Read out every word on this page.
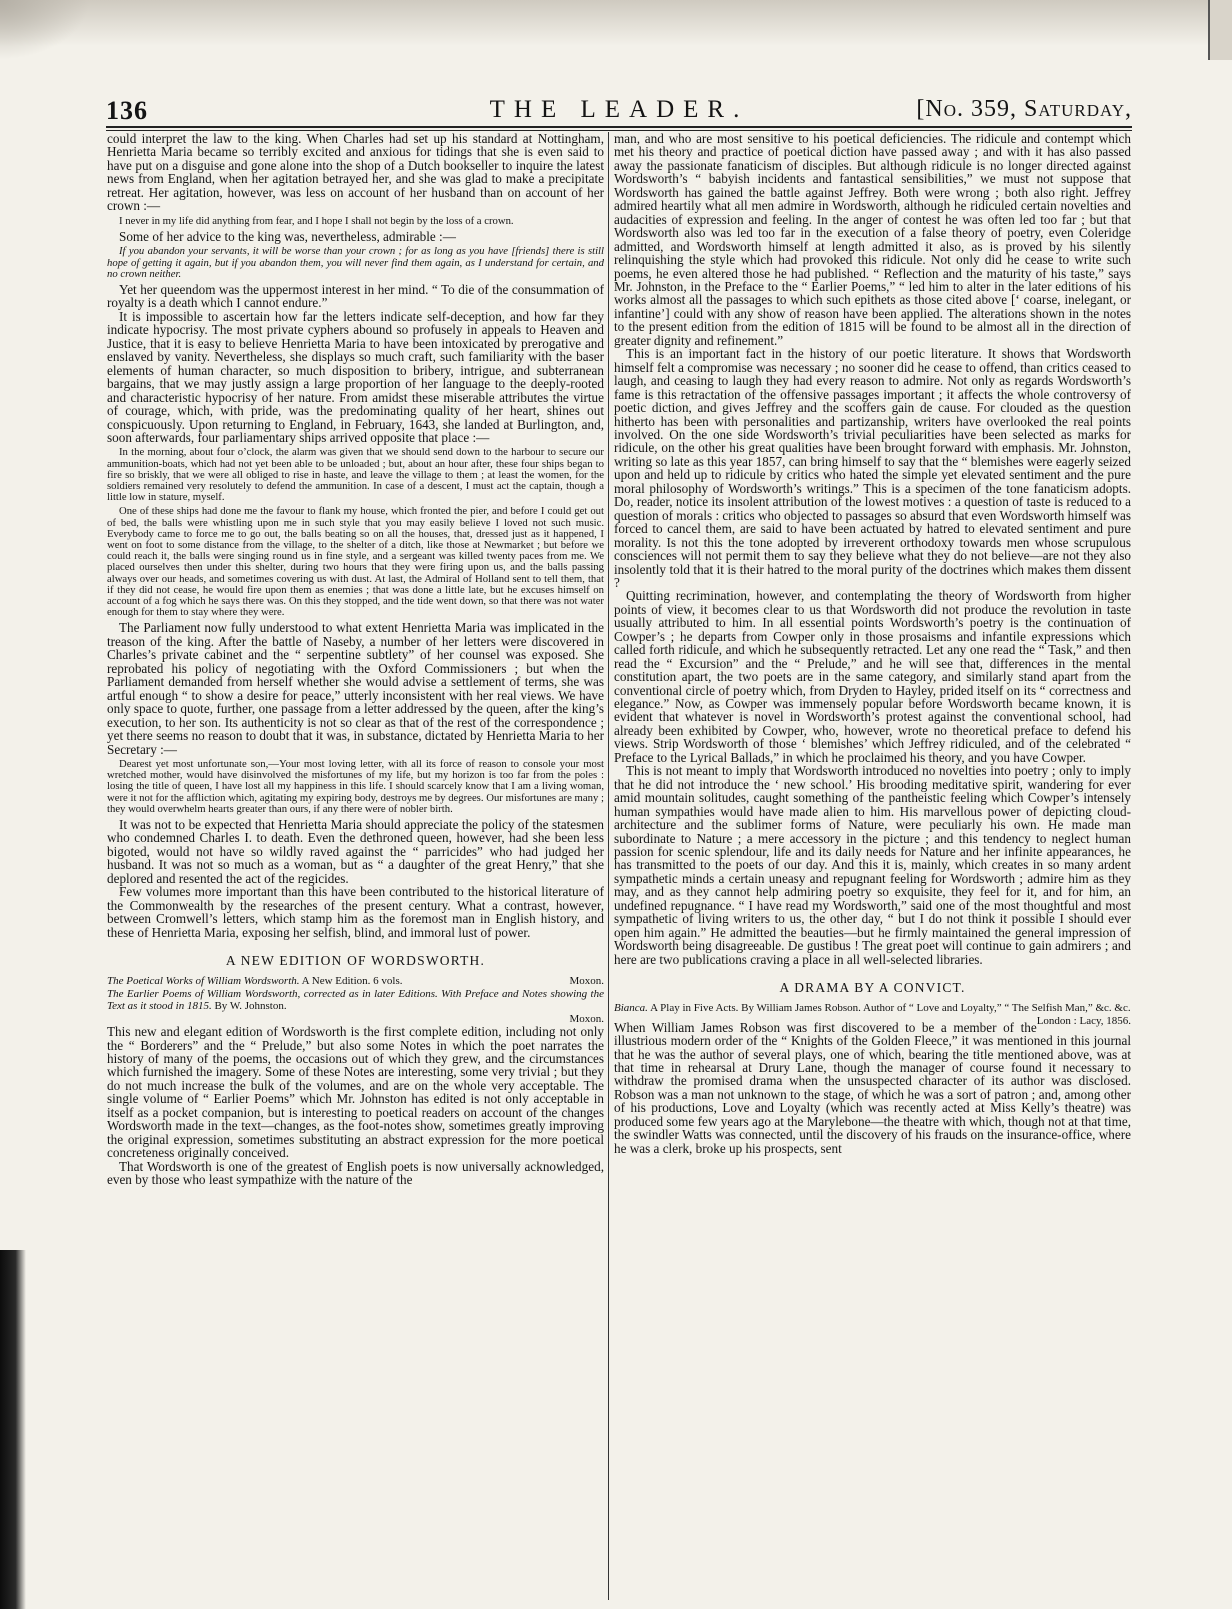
136	THE LEADER.	[No. 359, Saturday,

could interpret the law to the king. When Charles had set up his standard at Nottingham, Henrietta Maria became so terribly excited and anxious for tidings that she is even said to have put on a disguise and gone alone into the shop of a Dutch bookseller to inquire the latest news from England, when her agitation betrayed her, and she was glad to make a precipitate retreat. Her agitation, however, was less on account of her husband than on account of her crown :—

I never in my life did anything from fear, and I hope I shall not begin by the loss of a crown.

Some of her advice to the king was, nevertheless, admirable :—

If you abandon your servants, it will be worse than your crown ; for as long as you have [friends] there is still hope of getting it again, but if you abandon them, you will never find them again, as I understand for certain, and no crown neither.

Yet her queendom was the uppermost interest in her mind. “ To die of the consummation of royalty is a death which I cannot endure.”

It is impossible to ascertain how far the letters indicate self-deception, and how far they indicate hypocrisy. The most private cyphers abound so profusely in appeals to Heaven and Justice, that it is easy to believe Henrietta Maria to have been intoxicated by prerogative and enslaved by vanity. Nevertheless, she displays so much craft, such familiarity with the baser elements of human character, so much disposition to bribery, intrigue, and subterranean bargains, that we may justly assign a large proportion of her language to the deeply-rooted and characteristic hypocrisy of her nature. From amidst these miserable attributes the virtue of courage, which, with pride, was the predominating quality of her heart, shines out conspicuously. Upon returning to England, in February, 1643, she landed at Burlington, and, soon afterwards, four parliamentary ships arrived opposite that place :—

In the morning, about four o’clock, the alarm was given that we should send down to the harbour to secure our ammunition-boats, which had not yet been able to be unloaded ; but, about an hour after, these four ships began to fire so briskly, that we were all obliged to rise in haste, and leave the village to them ; at least the women, for the soldiers remained very resolutely to defend the ammunition. In case of a descent, I must act the captain, though a little low in stature, myself.

One of these ships had done me the favour to flank my house, which fronted the pier, and before I could get out of bed, the balls were whistling upon me in such style that you may easily believe I loved not such music. Everybody came to force me to go out, the balls beating so on all the houses, that, dressed just as it happened, I went on foot to some distance from the village, to the shelter of a ditch, like those at Newmarket ; but before we could reach it, the balls were singing round us in fine style, and a sergeant was killed twenty paces from me. We placed ourselves then under this shelter, during two hours that they were firing upon us, and the balls passing always over our heads, and sometimes covering us with dust. At last, the Admiral of Holland sent to tell them, that if they did not cease, he would fire upon them as enemies ; that was done a little late, but he excuses himself on account of a fog which he says there was. On this they stopped, and the tide went down, so that there was not water enough for them to stay where they were.

The Parliament now fully understood to what extent Henrietta Maria was implicated in the treason of the king. After the battle of Naseby, a number of her letters were discovered in Charles’s private cabinet and the “ serpentine subtlety” of her counsel was exposed. She reprobated his policy of negotiating with the Oxford Commissioners ; but when the Parliament demanded from herself whether she would advise a settlement of terms, she was artful enough “ to show a desire for peace,” utterly inconsistent with her real views. We have only space to quote, further, one passage from a letter addressed by the queen, after the king’s execution, to her son. Its authenticity is not so clear as that of the rest of the correspondence ; yet there seems no reason to doubt that it was, in substance, dictated by Henrietta Maria to her Secretary :—

Dearest yet most unfortunate son,—Your most loving letter, with all its force of reason to console your most wretched mother, would have disinvolved the misfortunes of my life, but my horizon is too far from the poles : losing the title of queen, I have lost all my happiness in this life. I should scarcely know that I am a living woman, were it not for the affliction which, agitating my expiring body, destroys me by degrees. Our misfortunes are many ; they would overwhelm hearts greater than ours, if any there were of nobler birth.

It was not to be expected that Henrietta Maria should appreciate the policy of the statesmen who condemned Charles I. to death. Even the dethroned queen, however, had she been less bigoted, would not have so wildly raved against the “ parricides” who had judged her husband. It was not so much as a woman, but as “ a daughter of the great Henry,” that she deplored and resented the act of the regicides.

Few volumes more important than this have been contributed to the historical literature of the Commonwealth by the researches of the present century. What a contrast, however, between Cromwell’s letters, which stamp him as the foremost man in English history, and these of Henrietta Maria, exposing her selfish, blind, and immoral lust of power.

A NEW EDITION OF WORDSWORTH.

The Poetical Works of William Wordsworth. A New Edition. 6 vols.	Moxon.

The Earlier Poems of William Wordsworth, corrected as in later Editions. With Preface and Notes showing the Text as it stood in 1815. By W. Johnston.

Moxon.

This new and elegant edition of Wordsworth is the first complete edition, including not only the “ Borderers” and the “ Prelude,” but also some Notes in which the poet narrates the history of many of the poems, the occasions out of which they grew, and the circumstances which furnished the imagery. Some of these Notes are interesting, some very trivial ; but they do not much increase the bulk of the volumes, and are on the whole very acceptable. The single volume of “ Earlier Poems” which Mr. Johnston has edited is not only acceptable in itself as a pocket companion, but is interesting to poetical readers on account of the changes Wordsworth made in the text—changes, as the foot-notes show, sometimes greatly improving the original expression, sometimes substituting an abstract expression for the more poetical concreteness originally conceived.

That Wordsworth is one of the greatest of English poets is now universally acknowledged, even by those who least sympathize with the nature of the

man, and who are most sensitive to his poetical deficiencies. The ridicule and contempt which met his theory and practice of poetical diction have passed away ; and with it has also passed away the passionate fanaticism of disciples. But although ridicule is no longer directed against Wordsworth’s “ babyish incidents and fantastical sensibilities,” we must not suppose that Wordsworth has gained the battle against Jeffrey. Both were wrong ; both also right. Jeffrey admired heartily what all men admire in Wordsworth, although he ridiculed certain novelties and audacities of expression and feeling. In the anger of contest he was often led too far ; but that Wordsworth also was led too far in the execution of a false theory of poetry, even Coleridge admitted, and Wordsworth himself at length admitted it also, as is proved by his silently relinquishing the style which had provoked this ridicule. Not only did he cease to write such poems, he even altered those he had published. “ Reflection and the maturity of his taste,” says Mr. Johnston, in the Preface to the “ Earlier Poems,” “ led him to alter in the later editions of his works almost all the passages to which such epithets as those cited above [‘ coarse, inelegant, or infantine’] could with any show of reason have been applied. The alterations shown in the notes to the present edition from the edition of 1815 will be found to be almost all in the direction of greater dignity and refinement.”

This is an important fact in the history of our poetic literature. It shows that Wordsworth himself felt a compromise was necessary ; no sooner did he cease to offend, than critics ceased to laugh, and ceasing to laugh they had every reason to admire. Not only as regards Wordsworth’s fame is this retractation of the offensive passages important ; it affects the whole controversy of poetic diction, and gives Jeffrey and the scoffers gain de cause. For clouded as the question hitherto has been with personalities and partizanship, writers have overlooked the real points involved. On the one side Wordsworth’s trivial peculiarities have been selected as marks for ridicule, on the other his great qualities have been brought forward with emphasis. Mr. Johnston, writing so late as this year 1857, can bring himself to say that the “ blemishes were eagerly seized upon and held up to ridicule by critics who hated the simple yet elevated sentiment and the pure moral philosophy of Wordsworth’s writings.” This is a specimen of the tone fanaticism adopts. Do, reader, notice its insolent attribution of the lowest motives : a question of taste is reduced to a question of morals : critics who objected to passages so absurd that even Wordsworth himself was forced to cancel them, are said to have been actuated by hatred to elevated sentiment and pure morality. Is not this the tone adopted by irreverent orthodoxy towards men whose scrupulous consciences will not permit them to say they believe what they do not believe—are not they also insolently told that it is their hatred to the moral purity of the doctrines which makes them dissent ?

Quitting recrimination, however, and contemplating the theory of Wordsworth from higher points of view, it becomes clear to us that Wordsworth did not produce the revolution in taste usually attributed to him. In all essential points Wordsworth’s poetry is the continuation of Cowper’s ; he departs from Cowper only in those prosaisms and infantile expressions which called forth ridicule, and which he subsequently retracted. Let any one read the “ Task,” and then read the “ Excursion” and the “ Prelude,” and he will see that, differences in the mental constitution apart, the two poets are in the same category, and similarly stand apart from the conventional circle of poetry which, from Dryden to Hayley, prided itself on its “ correctness and elegance.” Now, as Cowper was immensely popular before Wordsworth became known, it is evident that whatever is novel in Wordsworth’s protest against the conventional school, had already been exhibited by Cowper, who, however, wrote no theoretical preface to defend his views. Strip Wordsworth of those ‘ blemishes’ which Jeffrey ridiculed, and of the celebrated “ Preface to the Lyrical Ballads,” in which he proclaimed his theory, and you have Cowper.

This is not meant to imply that Wordsworth introduced no novelties into poetry ; only to imply that he did not introduce the ‘ new school.’ His brooding meditative spirit, wandering for ever amid mountain solitudes, caught something of the pantheistic feeling which Cowper’s intensely human sympathies would have made alien to him. His marvellous power of depicting cloud-architecture and the sublimer forms of Nature, were peculiarly his own. He made man subordinate to Nature ; a mere accessory in the picture ; and this tendency to neglect human passion for scenic splendour, life and its daily needs for Nature and her infinite appearances, he has transmitted to the poets of our day. And this it is, mainly, which creates in so many ardent sympathetic minds a certain uneasy and repugnant feeling for Wordsworth ; admire him as they may, and as they cannot help admiring poetry so exquisite, they feel for it, and for him, an undefined repugnance. “ I have read my Wordsworth,” said one of the most thoughtful and most sympathetic of living writers to us, the other day, “ but I do not think it possible I should ever open him again.” He admitted the beauties—but he firmly maintained the general impression of Wordsworth being disagreeable. De gustibus ! The great poet will continue to gain admirers ; and here are two publications craving a place in all well-selected libraries.

A DRAMA BY A CONVICT.

Bianca. A Play in Five Acts. By William James Robson. Author of “ Love and Loyalty,” “ The Selfish Man,” &c. &c.
London : Lacy, 1856.

When William James Robson was first discovered to be a member of the illustrious modern order of the “ Knights of the Golden Fleece,” it was mentioned in this journal that he was the author of several plays, one of which, bearing the title mentioned above, was at that time in rehearsal at Drury Lane, though the manager of course found it necessary to withdraw the promised drama when the unsuspected character of its author was disclosed. Robson was a man not unknown to the stage, of which he was a sort of patron ; and, among other of his productions, Love and Loyalty (which was recently acted at Miss Kelly’s theatre) was produced some few years ago at the Marylebone—the theatre with which, though not at that time, the swindler Watts was connected, until the discovery of his frauds on the insurance-office, where he was a clerk, broke up his prospects, sent
